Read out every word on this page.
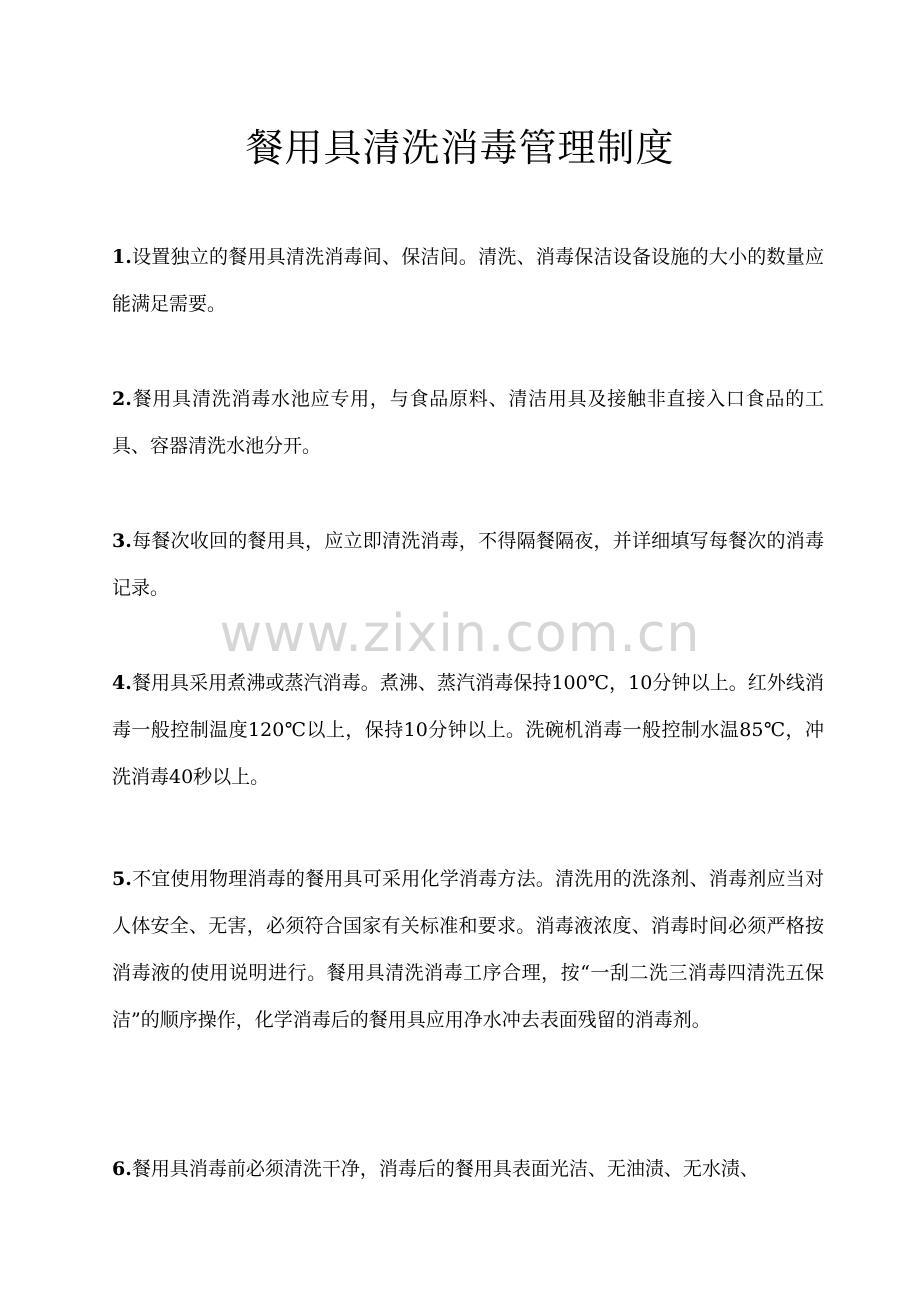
餐用具清洗消毒管理制度

1.设置独立的餐用具清洗消毒间、保洁间。清洗、消毒保洁设备设施的大小的数量应能满足需要。

2.餐用具清洗消毒水池应专用，与食品原料、清洁用具及接触非直接入口食品的工具、容器清洗水池分开。

3.每餐次收回的餐用具，应立即清洗消毒，不得隔餐隔夜，并详细填写每餐次的消毒记录。

4.餐用具采用煮沸或蒸汽消毒。煮沸、蒸汽消毒保持100℃，10分钟以上。红外线消毒一般控制温度120℃以上，保持10分钟以上。洗碗机消毒一般控制水温85℃，冲洗消毒40秒以上。

5.不宜使用物理消毒的餐用具可采用化学消毒方法。清洗用的洗涤剂、消毒剂应当对人体安全、无害，必须符合国家有关标准和要求。消毒液浓度、消毒时间必须严格按消毒液的使用说明进行。餐用具清洗消毒工序合理，按“一刮二洗三消毒四清洗五保洁”的顺序操作，化学消毒后的餐用具应用净水冲去表面残留的消毒剂。

6.餐用具消毒前必须清洗干净，消毒后的餐用具表面光洁、无油渍、无水渍、

www.zixin.com.cn
